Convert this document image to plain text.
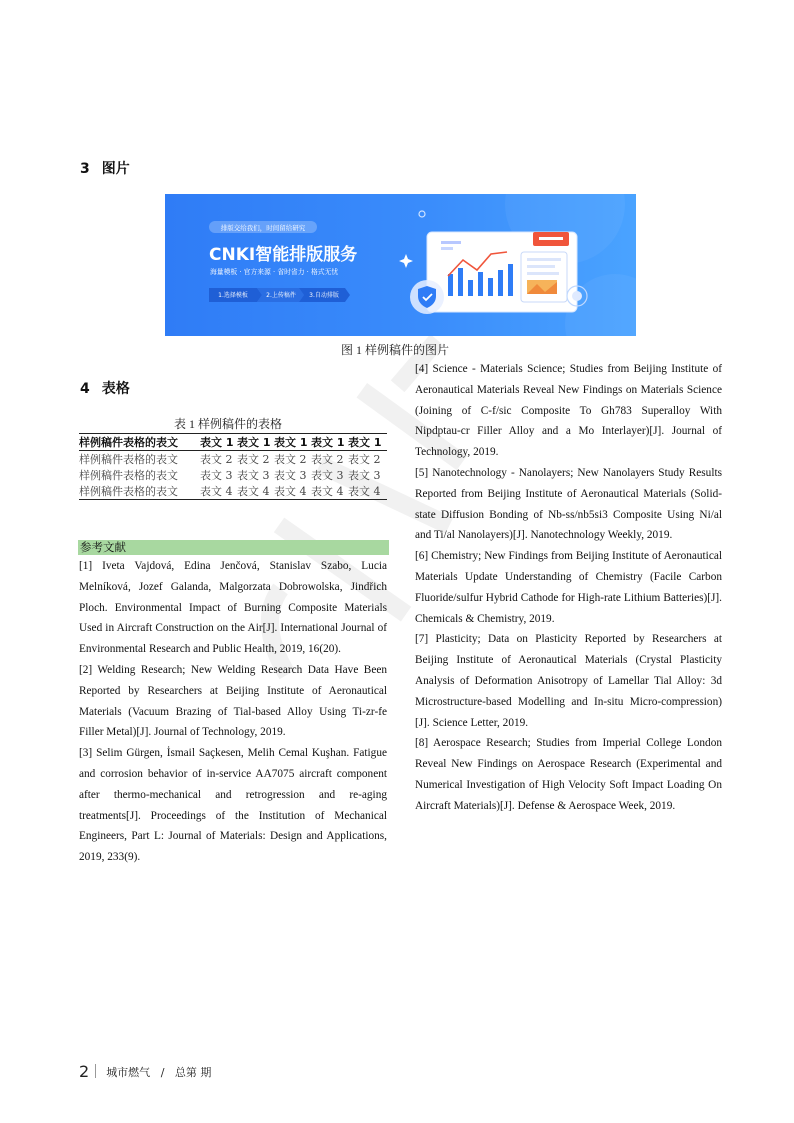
3 图片
排版交给我们，时间留给研究
CNKI智能排版服务
海量模板 · 官方来源 · 省时省力 · 格式无忧
1.选择模板	2.上传稿件 3.自动排版
图 1 样例稿件的图片
4 表格
表 1 样例稿件的表格
样例稿件表格的表文	表文 1	表文 1	表文 1	表文 1	表文 1
样例稿件表格的表文	表文 2	表文 2	表文 2	表文 2	表文 2
样例稿件表格的表文	表文 3	表文 3	表文 3	表文 3	表文 3
样例稿件表格的表文	表文 4	表文 4	表文 4	表文 4	表文 4
参考文献

[1] Iveta Vajdová, Edina Jenčová, Stanislav Szabo, Lucia Melníková, Jozef Galanda, Malgorzata Dobrowolska, Jindřich Ploch. Environmental Impact of Burning Composite Materials Used in Aircraft Construction on the Air[J]. International Journal of Environmental Research and Public Health, 2019, 16(20).

[2] Welding Research; New Welding Research Data Have Been Reported by Researchers at Beijing Institute of Aeronautical Materials (Vacuum Brazing of Tial-based Alloy Using Ti-zr-fe Filler Metal)[J]. Journal of Technology, 2019.

[3] Selim Gürgen, İsmail Saçkesen, Melih Cemal Kuşhan. Fatigue and corrosion behavior of in-service AA7075 aircraft component after thermo-mechanical and retrogression and re-aging treatments[J]. Proceedings of the Institution of Mechanical Engineers, Part L: Journal of Materials: Design and Applications, 2019, 233(9).

[4] Science - Materials Science; Studies from Beijing Institute of Aeronautical Materials Reveal New Findings on Materials Science (Joining of C-f/sic Composite To Gh783 Superalloy With Nipdptau-cr Filler Alloy and a Mo Interlayer)[J]. Journal of Technology, 2019.

[5] Nanotechnology - Nanolayers; New Nanolayers Study Results Reported from Beijing Institute of Aeronautical Materials (Solid-state Diffusion Bonding of Nb-ss/nb5si3 Composite Using Ni/al and Ti/al Nanolayers)[J]. Nanotechnology Weekly, 2019.

[6] Chemistry; New Findings from Beijing Institute of Aeronautical Materials Update Understanding of Chemistry (Facile Carbon Fluoride/sulfur Hybrid Cathode for High-rate Lithium Batteries)[J]. Chemicals & Chemistry, 2019.

[7] Plasticity; Data on Plasticity Reported by Researchers at Beijing Institute of Aeronautical Materials (Crystal Plasticity Analysis of Deformation Anisotropy of Lamellar Tial Alloy: 3d Microstructure-based Modelling and In-situ Micro-compression)[J]. Science Letter, 2019.

[8] Aerospace Research; Studies from Imperial College London Reveal New Findings on Aerospace Research (Experimental and Numerical Investigation of High Velocity Soft Impact Loading On Aircraft Materials)[J]. Defense & Aerospace Week, 2019.

2 城市燃气 / 总第 期
